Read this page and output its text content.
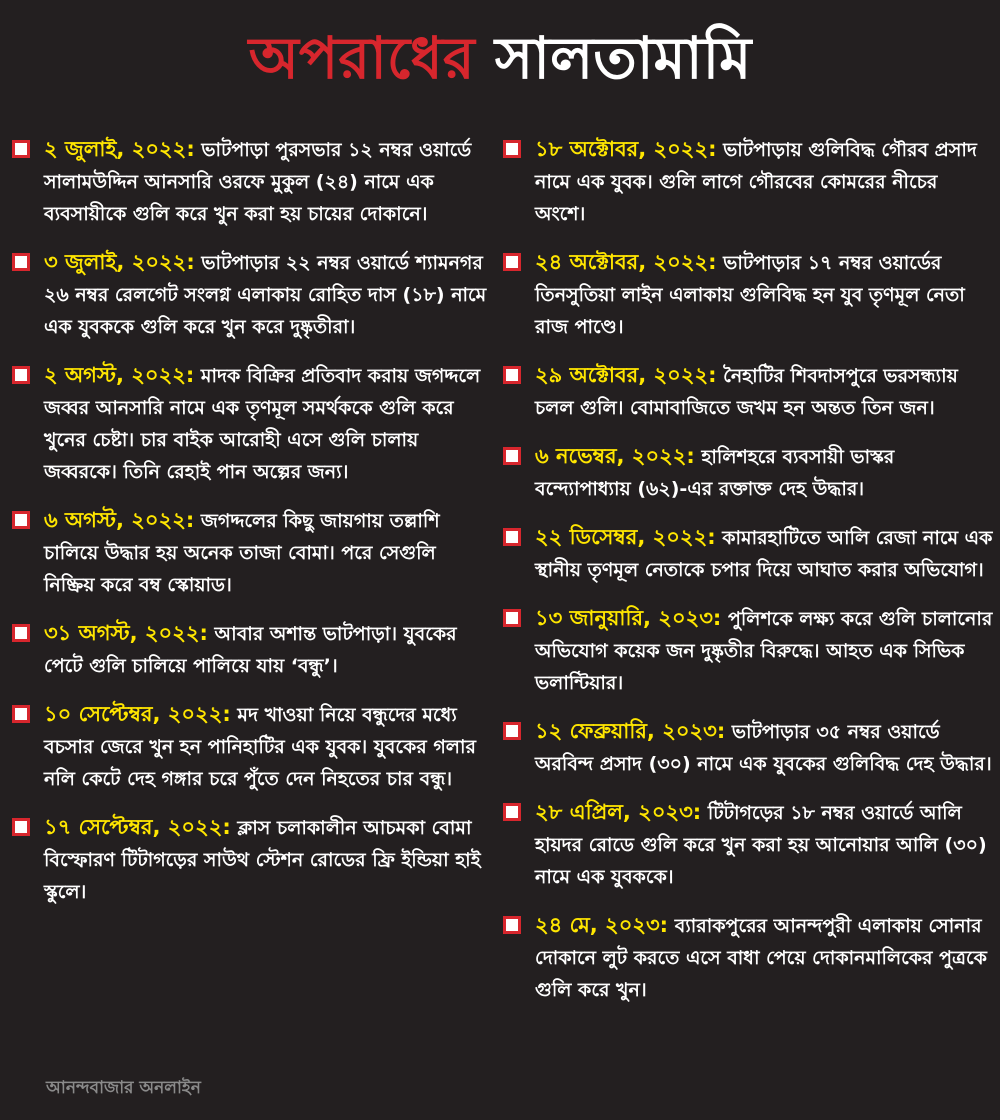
অপরাধের সালতামামি
২ জুলাই, ২০২২: ভাটপাড়া পুরসভার ১২ নম্বর ওয়ার্ডে সালামউদ্দিন আনসারি ওরফে মুকুল (২৪) নামে এক ব্যবসায়ীকে গুলি করে খুন করা হয় চায়ের দোকানে।
৩ জুলাই, ২০২২: ভাটপাড়ার ২২ নম্বর ওয়ার্ডে শ্যামনগর ২৬ নম্বর রেলগেট সংলগ্ন এলাকায় রোহিত দাস (১৮) নামে এক যুবককে গুলি করে খুন করে দুষ্কৃতীরা।
২ অগস্ট, ২০২২: মাদক বিক্রির প্রতিবাদ করায় জগদ্দলে জব্বর আনসারি নামে এক তৃণমূল সমর্থককে গুলি করে খুনের চেষ্টা। চার বাইক আরোহী এসে গুলি চালায় জব্বরকে। তিনি রেহাই পান অল্পের জন্য।
৬ অগস্ট, ২০২২: জগদ্দলের কিছু জায়গায় তল্লাশি চালিয়ে উদ্ধার হয় অনেক তাজা বোমা। পরে সেগুলি নিষ্ক্রিয় করে বম্ব স্কোয়াড।
৩১ অগস্ট, ২০২২: আবার অশান্ত ভাটপাড়া। যুবকের পেটে গুলি চালিয়ে পালিয়ে যায় ‘বন্ধু’।
১০ সেপ্টেম্বর, ২০২২: মদ খাওয়া নিয়ে বন্ধুদের মধ্যে বচসার জেরে খুন হন পানিহাটির এক যুবক। যুবকের গলার নলি কেটে দেহ গঙ্গার চরে পুঁতে দেন নিহতের চার বন্ধু।
১৭ সেপ্টেম্বর, ২০২২: ক্লাস চলাকালীন আচমকা বোমা বিস্ফোরণ টিটাগড়ের সাউথ স্টেশন রোডের ফ্রি ইন্ডিয়া হাই স্কুলে।
১৮ অক্টোবর, ২০২২: ভাটপাড়ায় গুলিবিদ্ধ গৌরব প্রসাদ নামে এক যুবক। গুলি লাগে গৌরবের কোমরের নীচের অংশে।
২৪ অক্টোবর, ২০২২: ভাটপাড়ার ১৭ নম্বর ওয়ার্ডের তিনসুতিয়া লাইন এলাকায় গুলিবিদ্ধ হন যুব তৃণমূল নেতা রাজ পাণ্ডে।
২৯ অক্টোবর, ২০২২: নৈহাটির শিবদাসপুরে ভরসন্ধ্যায় চলল গুলি। বোমাবাজিতে জখম হন অন্তত তিন জন।
৬ নভেম্বর, ২০২২: হালিশহরে ব্যবসায়ী ভাস্কর বন্দ্যোপাধ্যায় (৬২)-এর রক্তাক্ত দেহ উদ্ধার।
২২ ডিসেম্বর, ২০২২: কামারহাটিতে আলি রেজা নামে এক স্থানীয় তৃণমূল নেতাকে চপার দিয়ে আঘাত করার অভিযোগ।
১৩ জানুয়ারি, ২০২৩: পুলিশকে লক্ষ্য করে গুলি চালানোর অভিযোগ কয়েক জন দুষ্কৃতীর বিরুদ্ধে। আহত এক সিভিক ভলান্টিয়ার।
১২ ফেব্রুয়ারি, ২০২৩: ভাটপাড়ার ৩৫ নম্বর ওয়ার্ডে অরবিন্দ প্রসাদ (৩০) নামে এক যুবকের গুলিবিদ্ধ দেহ উদ্ধার।
২৮ এপ্রিল, ২০২৩: টিটাগড়ের ১৮ নম্বর ওয়ার্ডে আলি হায়দর রোডে গুলি করে খুন করা হয় আনোয়ার আলি (৩০) নামে এক যুবককে।
২৪ মে, ২০২৩: ব্যারাকপুরের আনন্দপুরী এলাকায় সোনার দোকানে লুট করতে এসে বাধা পেয়ে দোকানমালিকের পুত্রকে গুলি করে খুন।
আনন্দবাজার অনলাইন
